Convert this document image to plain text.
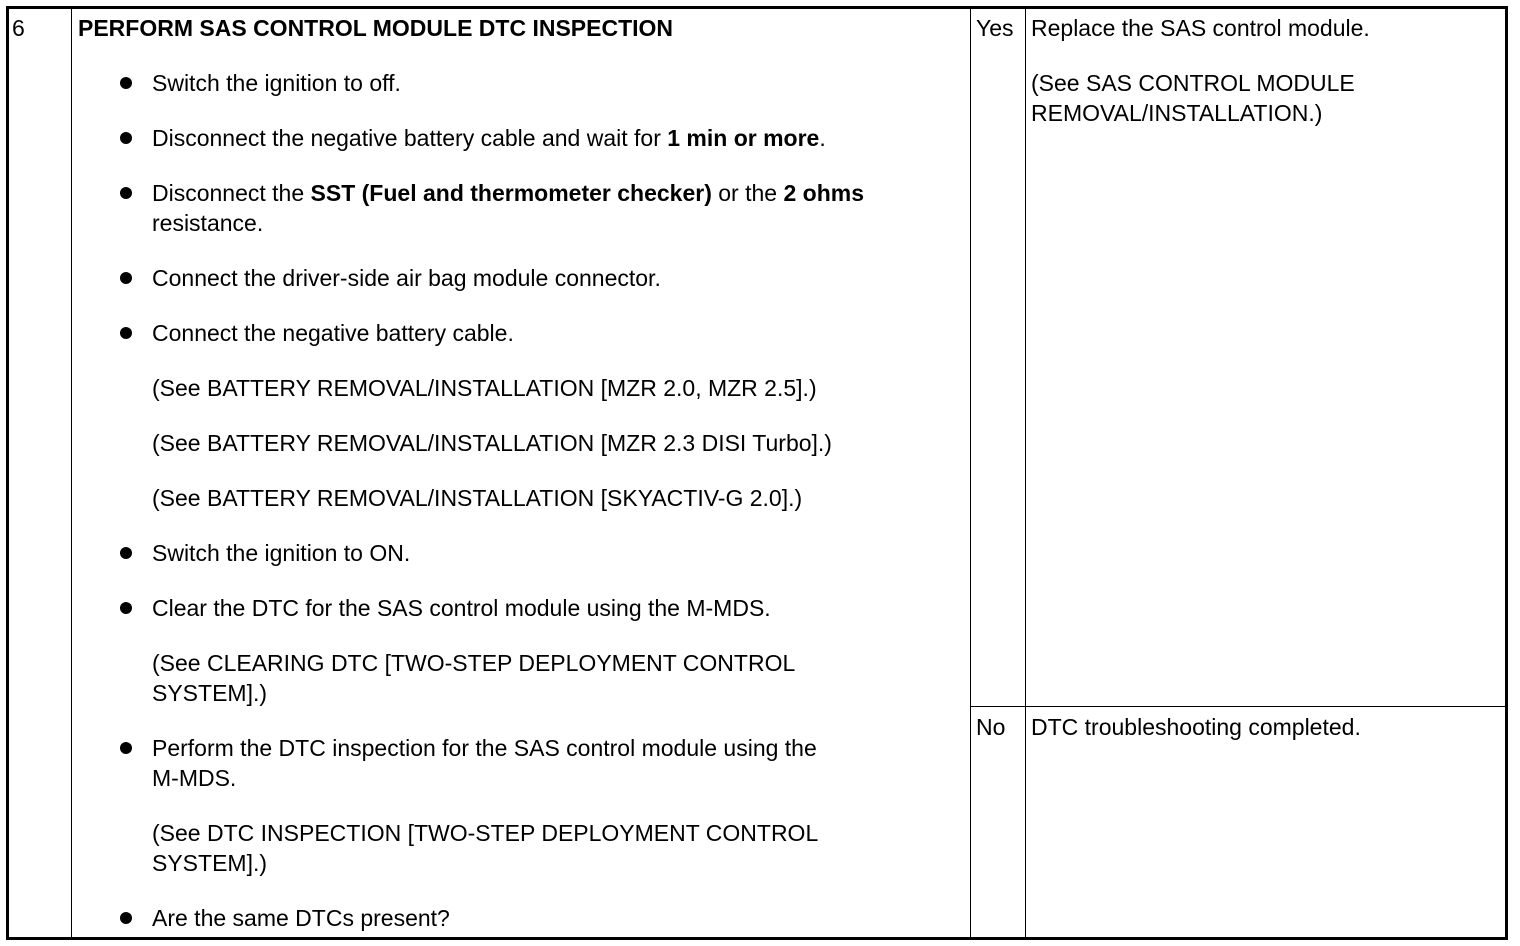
6 PERFORM SAS CONTROL MODULE DTC INSPECTION
Switch the ignition to off.
Disconnect the negative battery cable and wait for 1 min or more.
Disconnect the SST (Fuel and thermometer checker) or the 2 ohms
resistance.
Connect the driver-side air bag module connector.
Connect the negative battery cable.
(See BATTERY REMOVAL/INSTALLATION [MZR 2.0, MZR 2.5].)
(See BATTERY REMOVAL/INSTALLATION [MZR 2.3 DISI Turbo].)
(See BATTERY REMOVAL/INSTALLATION [SKYACTIV-G 2.0].)
Switch the ignition to ON.
Clear the DTC for the SAS control module using the M-MDS.
(See CLEARING DTC [TWO-STEP DEPLOYMENT CONTROL
SYSTEM].)
Perform the DTC inspection for the SAS control module using the
M-MDS.
(See DTC INSPECTION [TWO-STEP DEPLOYMENT CONTROL
SYSTEM].)
Are the same DTCs present?
Yes Replace the SAS control module.
(See SAS CONTROL MODULE
REMOVAL/INSTALLATION.)
No DTC troubleshooting completed.
